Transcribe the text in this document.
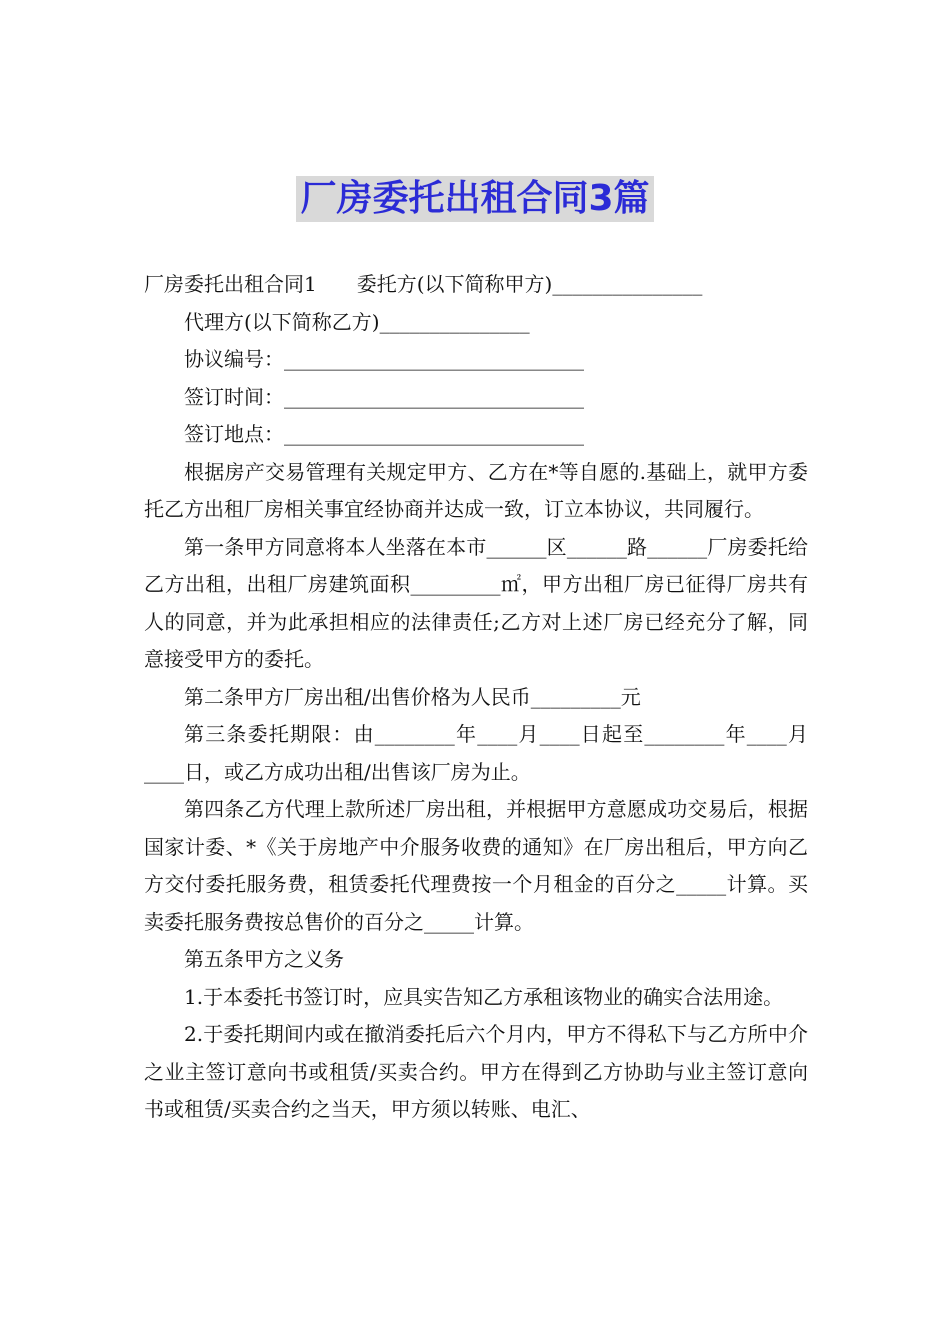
厂房委托出租合同3篇

厂房委托出租合同1　　委托方(以下简称甲方)_______________

代理方(以下简称乙方)_______________

协议编号：______________________________

签订时间：______________________________

签订地点：______________________________

根据房产交易管理有关规定甲方、乙方在*等自愿的.基础上，就甲方委托乙方出租厂房相关事宜经协商并达成一致，订立本协议，共同履行。

第一条甲方同意将本人坐落在本市______区______路______厂房委托给乙方出租，出租厂房建筑面积_________㎡，甲方出租厂房已征得厂房共有人的同意，并为此承担相应的法律责任;乙方对上述厂房已经充分了解，同意接受甲方的委托。

第二条甲方厂房出租/出售价格为人民币_________元

第三条委托期限：由________年____月____日起至________年____月____日，或乙方成功出租/出售该厂房为止。

第四条乙方代理上款所述厂房出租，并根据甲方意愿成功交易后，根据国家计委、*《关于房地产中介服务收费的通知》在厂房出租后，甲方向乙方交付委托服务费，租赁委托代理费按一个月租金的百分之_____计算。买卖委托服务费按总售价的百分之_____计算。

第五条甲方之义务

1.于本委托书签订时，应具实告知乙方承租该物业的确实合法用途。

2.于委托期间内或在撤消委托后六个月内，甲方不得私下与乙方所中介之业主签订意向书或租赁/买卖合约。甲方在得到乙方协助与业主签订意向书或租赁/买卖合约之当天，甲方须以转账、电汇、
